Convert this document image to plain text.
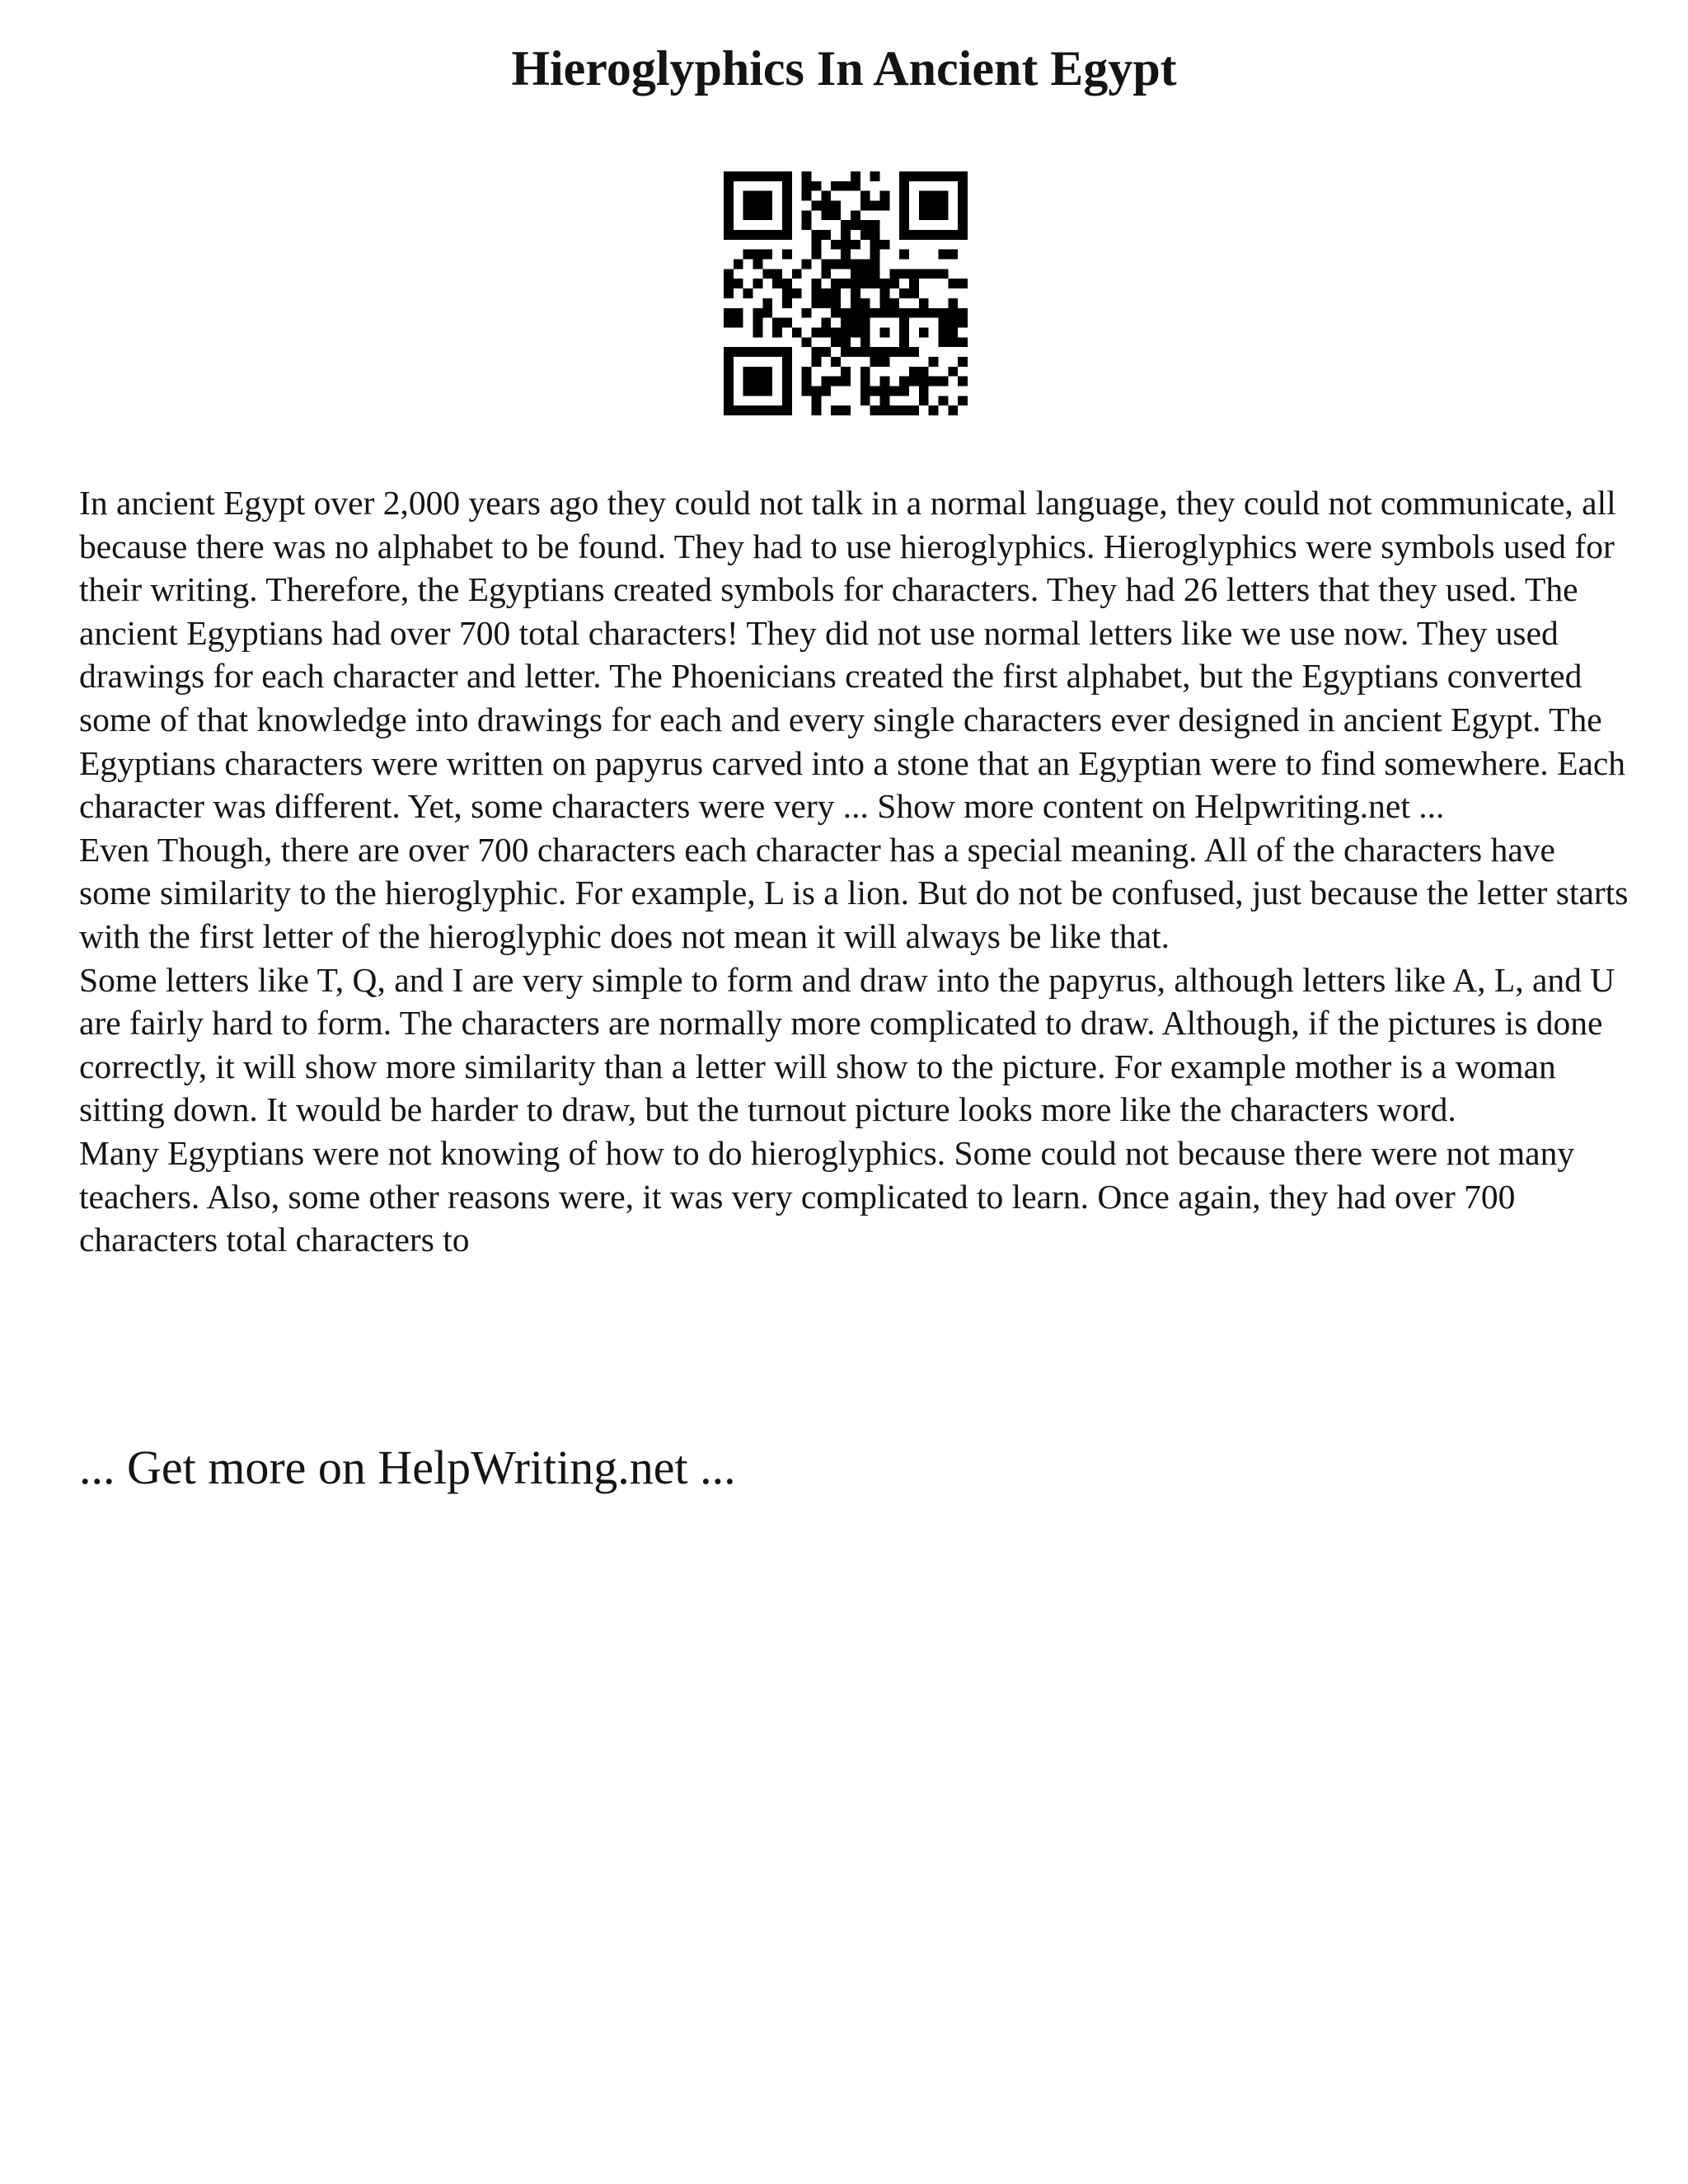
Hieroglyphics In Ancient Egypt

In ancient Egypt over 2,000 years ago they could not talk in a normal language, they could not communicate, all because there was no alphabet to be found. They had to use hieroglyphics. Hieroglyphics were symbols used for their writing. Therefore, the Egyptians created symbols for characters. They had 26 letters that they used. The ancient Egyptians had over 700 total characters! They did not use normal letters like we use now. They used drawings for each character and letter. The Phoenicians created the first alphabet, but the Egyptians converted some of that knowledge into drawings for each and every single characters ever designed in ancient Egypt. The Egyptians characters were written on papyrus carved into a stone that an Egyptian were to find somewhere. Each character was different. Yet, some characters were very ... Show more content on Helpwriting.net ...

Even Though, there are over 700 characters each character has a special meaning. All of the characters have some similarity to the hieroglyphic. For example, L is a lion. But do not be confused, just because the letter starts with the first letter of the hieroglyphic does not mean it will always be like that.

Some letters like T, Q, and I are very simple to form and draw into the papyrus, although letters like A, L, and U are fairly hard to form. The characters are normally more complicated to draw. Although, if the pictures is done correctly, it will show more similarity than a letter will show to the picture. For example mother is a woman sitting down. It would be harder to draw, but the turnout picture looks more like the characters word.

Many Egyptians were not knowing of how to do hieroglyphics. Some could not because there were not many teachers. Also, some other reasons were, it was very complicated to learn. Once again, they had over 700 characters total characters to

... Get more on HelpWriting.net ...
